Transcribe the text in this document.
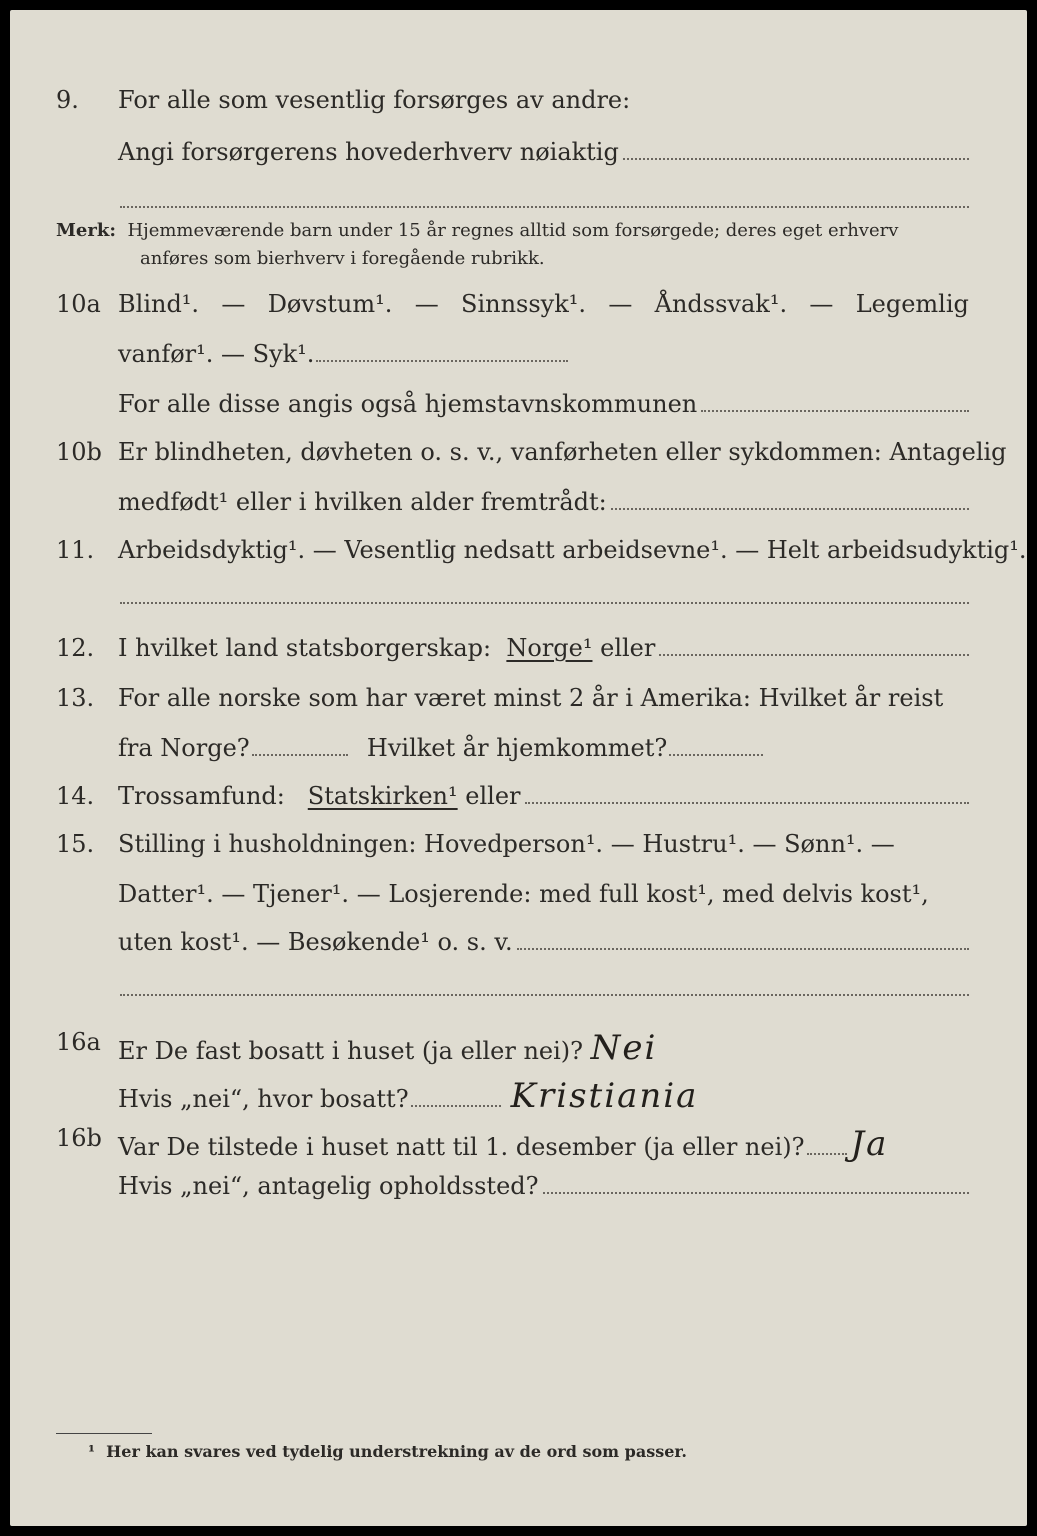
9. For alle som vesentlig forsørges av andre:
Angi forsørgerens hovederhverv nøiaktig
Merk: Hjemmeværende barn under 15 år regnes alltid som forsørgede; deres eget erhverv
anføres som bierhverv i foregående rubrikk.
10a Blind¹. — Døvstum¹. — Sinnssyk¹. — Åndssvak¹. — Legemlig
vanfør¹. — Syk¹.
For alle disse angis også hjemstavnskommunen
10b Er blindheten, døvheten o. s. v., vanførheten eller sykdommen: Antagelig
medfødt¹ eller i hvilken alder fremtrådt:
11. Arbeidsdyktig¹. — Vesentlig nedsatt arbeidsevne¹. — Helt arbeidsudyktig¹.
12. I hvilket land statsborgerskap:
Norge¹
eller
13. For alle norske som har været minst 2 år i Amerika: Hvilket år reist
fra Norge?
	Hvilket år hjemkommet?
14. Trossamfund:
Statskirken¹
eller
15. Stilling i husholdningen: Hovedperson¹. — Hustru¹. — Sønn¹. —
Datter¹. — Tjener¹. — Losjerende: med full kost¹, med delvis kost¹,
uten kost¹. — Besøkende¹ o. s. v.
16a Er De fast bosatt i huset (ja eller nei)?
Nei
Hvis „nei“, hvor bosatt?	Kristiania
16b Var De tilstede i huset natt til 1. desember (ja eller nei)? Ja
Hvis „nei“, antagelig opholdssted?
¹ Her kan svares ved tydelig understrekning av de ord som passer.
